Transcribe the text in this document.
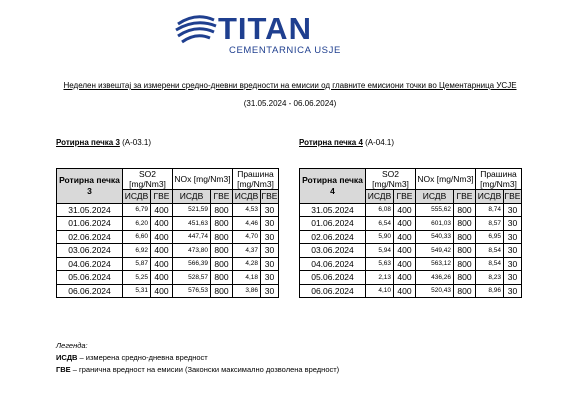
TITAN
CEMENTARNICA USJE
Неделен извештај за измерени средно-дневни вредности на емисии од главните емисиони точки во Цементарница УСЈЕ
(31.05.2024 - 06.06.2024)
Ротирна печка 3 (А-03.1)	Ротирна печка 4 (А-04.1)
Ротирна печка 3	SO2 [mg/Nm3]		NOx [mg/Nm3]		Прашина [mg/Nm3]	
	ИСДВ	ГВЕ	ИСДВ	ГВЕ	ИСДВ	ГВЕ
31.05.2024	6,79	400	521,59	800	4,53	30
01.06.2024	6,20	400	451,63	800	4,46	30
02.06.2024	6,60	400	447,74	800	4,70	30
03.06.2024	6,92	400	473,80	800	4,37	30
04.06.2024	5,87	400	566,39	800	4,28	30
05.06.2024	5,25	400	528,57	800	4,18	30
06.06.2024	5,31	400	576,53	800	3,86	30
Ротирна печка 4	SO2 [mg/Nm3]		NOx [mg/Nm3]		Прашина [mg/Nm3]	
	ИСДВ	ГВЕ	ИСДВ	ГВЕ	ИСДВ	ГВЕ
31.05.2024	6,08	400	555,62	800	8,74	30
01.06.2024	6,54	400	601,03	800	8,57	30
02.06.2024	5,90	400	540,33	800	6,95	30
03.06.2024	5,94	400	549,42	800	8,54	30
04.06.2024	5,63	400	563,12	800	8,54	30
05.06.2024	2,13	400	436,26	800	8,23	30
06.06.2024	4,10	400	520,43	800	8,96	30
Легенда:
ИСДВ – измерена средно-дневна вредност
ГВЕ – гранична вредност на емисии (Законски максимално дозволена вредност)
